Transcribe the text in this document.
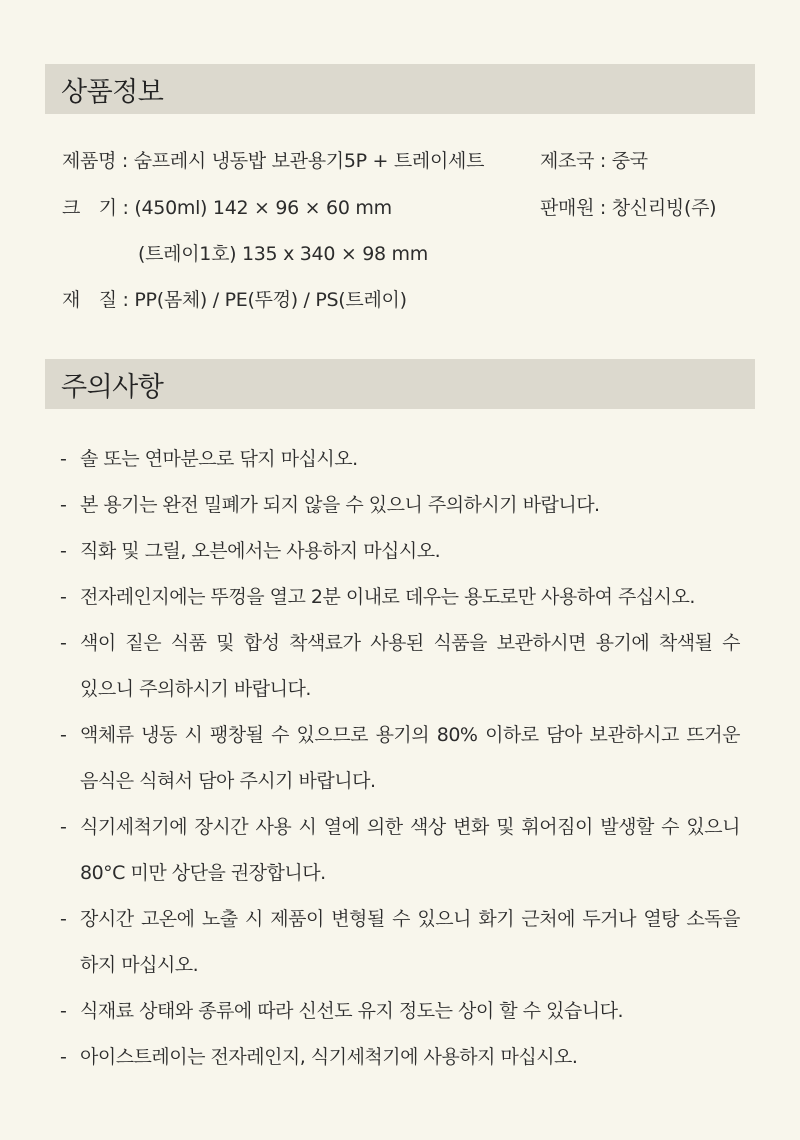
상품정보
제품명 : 숨프레시 냉동밥 보관용기5P + 트레이세트	제조국 : 중국
크　기 : (450ml) 142 × 96 × 60 mm	판매원 : 창신리빙(주)
(트레이1호) 135 x 340 × 98 mm
재　질 : PP(몸체) / PE(뚜껑) / PS(트레이)
주의사항
- 솔 또는 연마분으로 닦지 마십시오.
- 본 용기는 완전 밀폐가 되지 않을 수 있으니 주의하시기 바랍니다.
- 직화 및 그릴, 오븐에서는 사용하지 마십시오.
- 전자레인지에는 뚜껑을 열고 2분 이내로 데우는 용도로만 사용하여 주십시오.
- 색이 짙은 식품 및 합성 착색료가 사용된 식품을 보관하시면 용기에 착색될 수 있으니 주의하시기 바랍니다.
- 액체류 냉동 시 팽창될 수 있으므로 용기의 80% 이하로 담아 보관하시고 뜨거운 음식은 식혀서 담아 주시기 바랍니다.
- 식기세척기에 장시간 사용 시 열에 의한 색상 변화 및 휘어짐이 발생할 수 있으니 80°C 미만 상단을 권장합니다.
- 장시간 고온에 노출 시 제품이 변형될 수 있으니 화기 근처에 두거나 열탕 소독을 하지 마십시오.
- 식재료 상태와 종류에 따라 신선도 유지 정도는 상이 할 수 있습니다.
- 아이스트레이는 전자레인지, 식기세척기에 사용하지 마십시오.
